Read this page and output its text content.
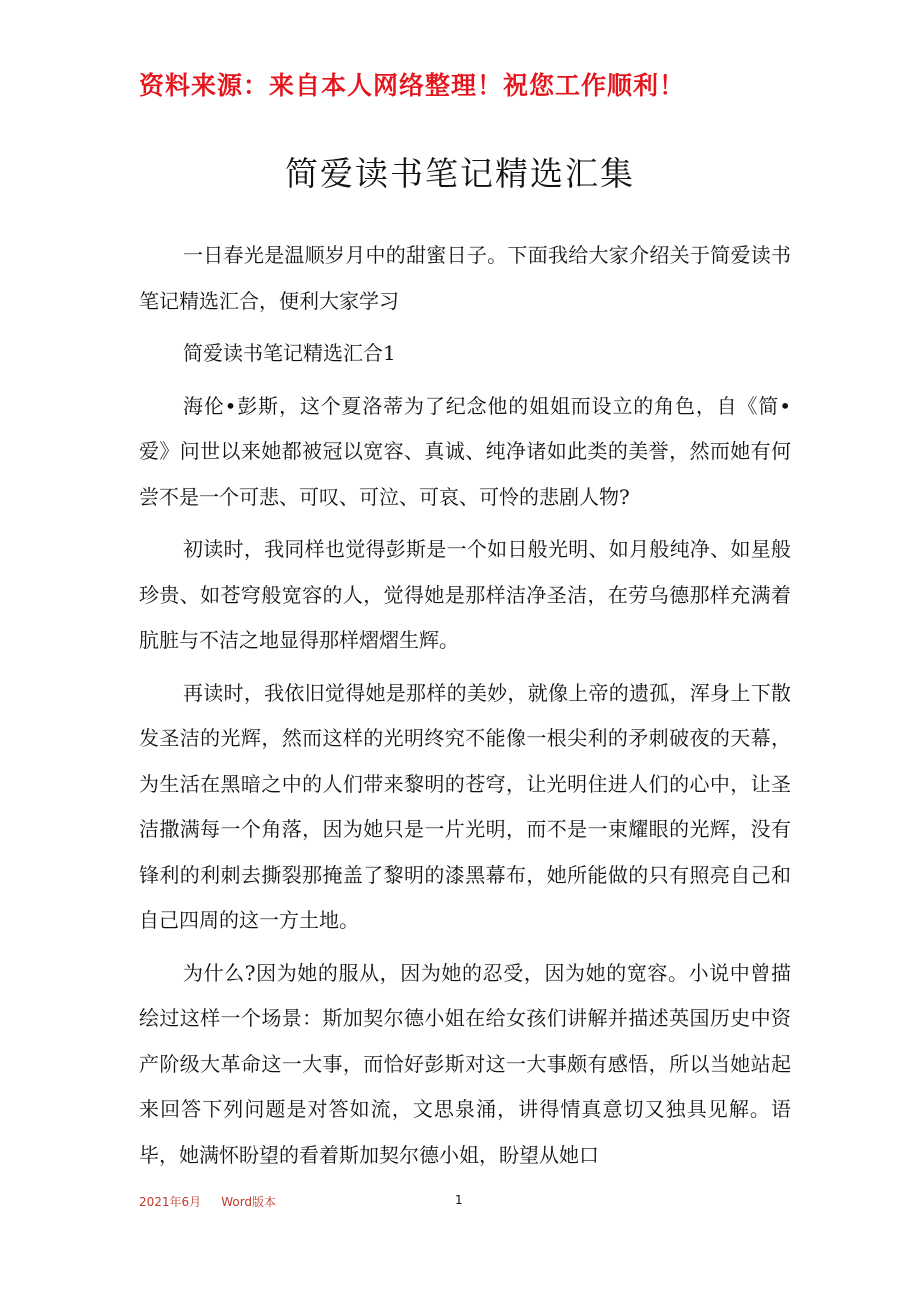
资料来源：来自本人网络整理！祝您工作顺利！
简爱读书笔记精选汇集

一日春光是温顺岁月中的甜蜜日子。下面我给大家介绍关于简爱读书笔记精选汇合，便利大家学习

简爱读书笔记精选汇合1

海伦•彭斯，这个夏洛蒂为了纪念他的姐姐而设立的角色，自《简•爱》问世以来她都被冠以宽容、真诚、纯净诸如此类的美誉，然而她有何尝不是一个可悲、可叹、可泣、可哀、可怜的悲剧人物?

初读时，我同样也觉得彭斯是一个如日般光明、如月般纯净、如星般珍贵、如苍穹般宽容的人，觉得她是那样洁净圣洁，在劳乌德那样充满着肮脏与不洁之地显得那样熠熠生辉。

再读时，我依旧觉得她是那样的美妙，就像上帝的遗孤，浑身上下散发圣洁的光辉，然而这样的光明终究不能像一根尖利的矛刺破夜的天幕，为生活在黑暗之中的人们带来黎明的苍穹，让光明住进人们的心中，让圣洁撒满每一个角落，因为她只是一片光明，而不是一束耀眼的光辉，没有锋利的利刺去撕裂那掩盖了黎明的漆黑幕布，她所能做的只有照亮自己和自己四周的这一方土地。

为什么?因为她的服从，因为她的忍受，因为她的宽容。小说中曾描绘过这样一个场景：斯加契尔德小姐在给女孩们讲解并描述英国历史中资产阶级大革命这一大事，而恰好彭斯对这一大事颇有感悟，所以当她站起来回答下列问题是对答如流，文思泉涌，讲得情真意切又独具见解。语毕，她满怀盼望的看着斯加契尔德小姐，盼望从她口

2021年6月 Word版本	1
